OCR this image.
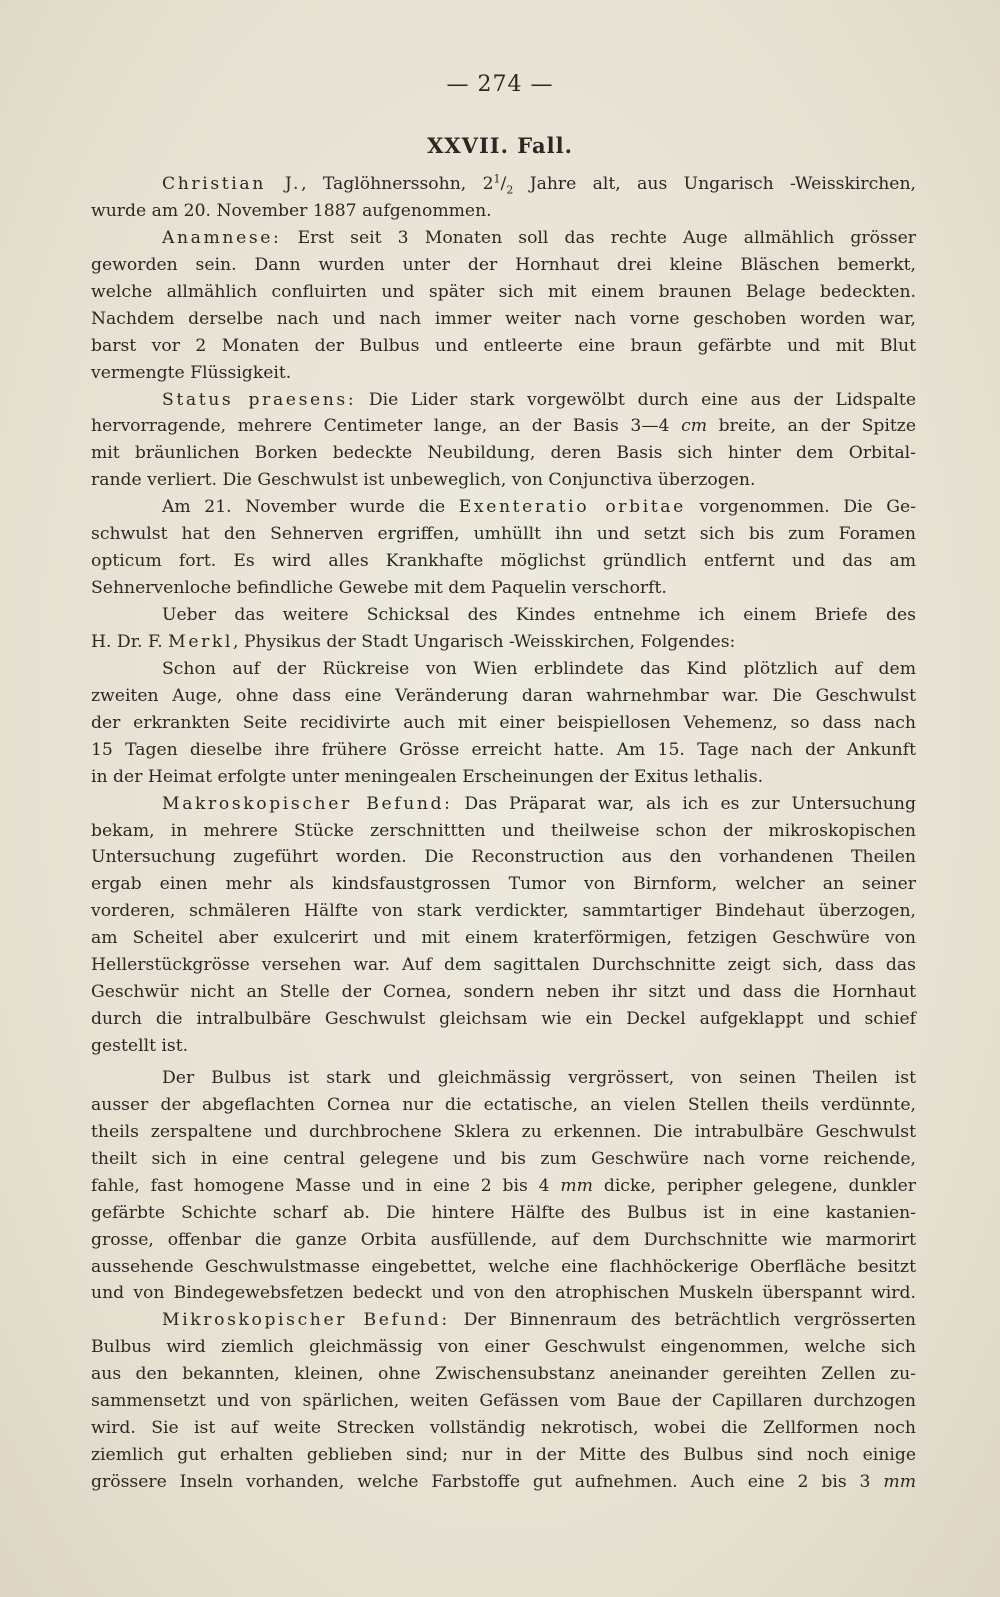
— 274 —
XXVII. Fall.
Christian J., Taglöhnerssohn, $2^1/_2$ Jahre alt, aus Ungarisch -Weisskirchen,
wurde am 20. November 1887 aufgenommen.
Anamnese: Erst seit 3 Monaten soll das rechte Auge allmählich grösser
geworden sein. Dann wurden unter der Hornhaut drei kleine Bläschen bemerkt,
welche allmählich confluirten und später sich mit einem braunen Belage bedeckten.
Nachdem derselbe nach und nach immer weiter nach vorne geschoben worden war,
barst vor 2 Monaten der Bulbus und entleerte eine braun gefärbte und mit Blut
vermengte Flüssigkeit.
Status praesens: Die Lider stark vorgewölbt durch eine aus der Lidspalte
hervorragende, mehrere Centimeter lange, an der Basis 3—4 cm breite, an der Spitze
mit bräunlichen Borken bedeckte Neubildung, deren Basis sich hinter dem Orbital-
rande verliert. Die Geschwulst ist unbeweglich, von Conjunctiva überzogen.
Am 21. November wurde die Exenteratio orbitae vorgenommen. Die Ge-
schwulst hat den Sehnerven ergriffen, umhüllt ihn und setzt sich bis zum Foramen
opticum fort. Es wird alles Krankhafte möglichst gründlich entfernt und das am
Sehnervenloche befindliche Gewebe mit dem Paquelin verschorft.
Ueber das weitere Schicksal des Kindes entnehme ich einem Briefe des
H. Dr. F. Merkl, Physikus der Stadt Ungarisch -Weisskirchen, Folgendes:
Schon auf der Rückreise von Wien erblindete das Kind plötzlich auf dem
zweiten Auge, ohne dass eine Veränderung daran wahrnehmbar war. Die Geschwulst
der erkrankten Seite recidivirte auch mit einer beispiellosen Vehemenz, so dass nach
15 Tagen dieselbe ihre frühere Grösse erreicht hatte. Am 15. Tage nach der Ankunft
in der Heimat erfolgte unter meningealen Erscheinungen der Exitus lethalis.
Makroskopischer Befund: Das Präparat war, als ich es zur Untersuchung
bekam, in mehrere Stücke zerschnittten und theilweise schon der mikroskopischen
Untersuchung zugeführt worden. Die Reconstruction aus den vorhandenen Theilen
ergab einen mehr als kindsfaustgrossen Tumor von Birnform, welcher an seiner
vorderen, schmäleren Hälfte von stark verdickter, sammtartiger Bindehaut überzogen,
am Scheitel aber exulcerirt und mit einem kraterförmigen, fetzigen Geschwüre von
Hellerstückgrösse versehen war. Auf dem sagittalen Durchschnitte zeigt sich, dass das
Geschwür nicht an Stelle der Cornea, sondern neben ihr sitzt und dass die Hornhaut
durch die intralbulbäre Geschwulst gleichsam wie ein Deckel aufgeklappt und schief
gestellt ist.
Der Bulbus ist stark und gleichmässig vergrössert, von seinen Theilen ist
ausser der abgeflachten Cornea nur die ectatische, an vielen Stellen theils verdünnte,
theils zerspaltene und durchbrochene Sklera zu erkennen. Die intrabulbäre Geschwulst
theilt sich in eine central gelegene und bis zum Geschwüre nach vorne reichende,
fahle, fast homogene Masse und in eine 2 bis 4 mm dicke, peripher gelegene, dunkler
gefärbte Schichte scharf ab. Die hintere Hälfte des Bulbus ist in eine kastanien-
grosse, offenbar die ganze Orbita ausfüllende, auf dem Durchschnitte wie marmorirt
aussehende Geschwulstmasse eingebettet, welche eine flachhöckerige Oberfläche besitzt
und von Bindegewebsfetzen bedeckt und von den atrophischen Muskeln überspannt wird.
Mikroskopischer Befund: Der Binnenraum des beträchtlich vergrösserten
Bulbus wird ziemlich gleichmässig von einer Geschwulst eingenommen, welche sich
aus den bekannten, kleinen, ohne Zwischensubstanz aneinander gereihten Zellen zu-
sammensetzt und von spärlichen, weiten Gefässen vom Baue der Capillaren durchzogen
wird. Sie ist auf weite Strecken vollständig nekrotisch, wobei die Zellformen noch
ziemlich gut erhalten geblieben sind; nur in der Mitte des Bulbus sind noch einige
grössere Inseln vorhanden, welche Farbstoffe gut aufnehmen. Auch eine 2 bis 3 mm
